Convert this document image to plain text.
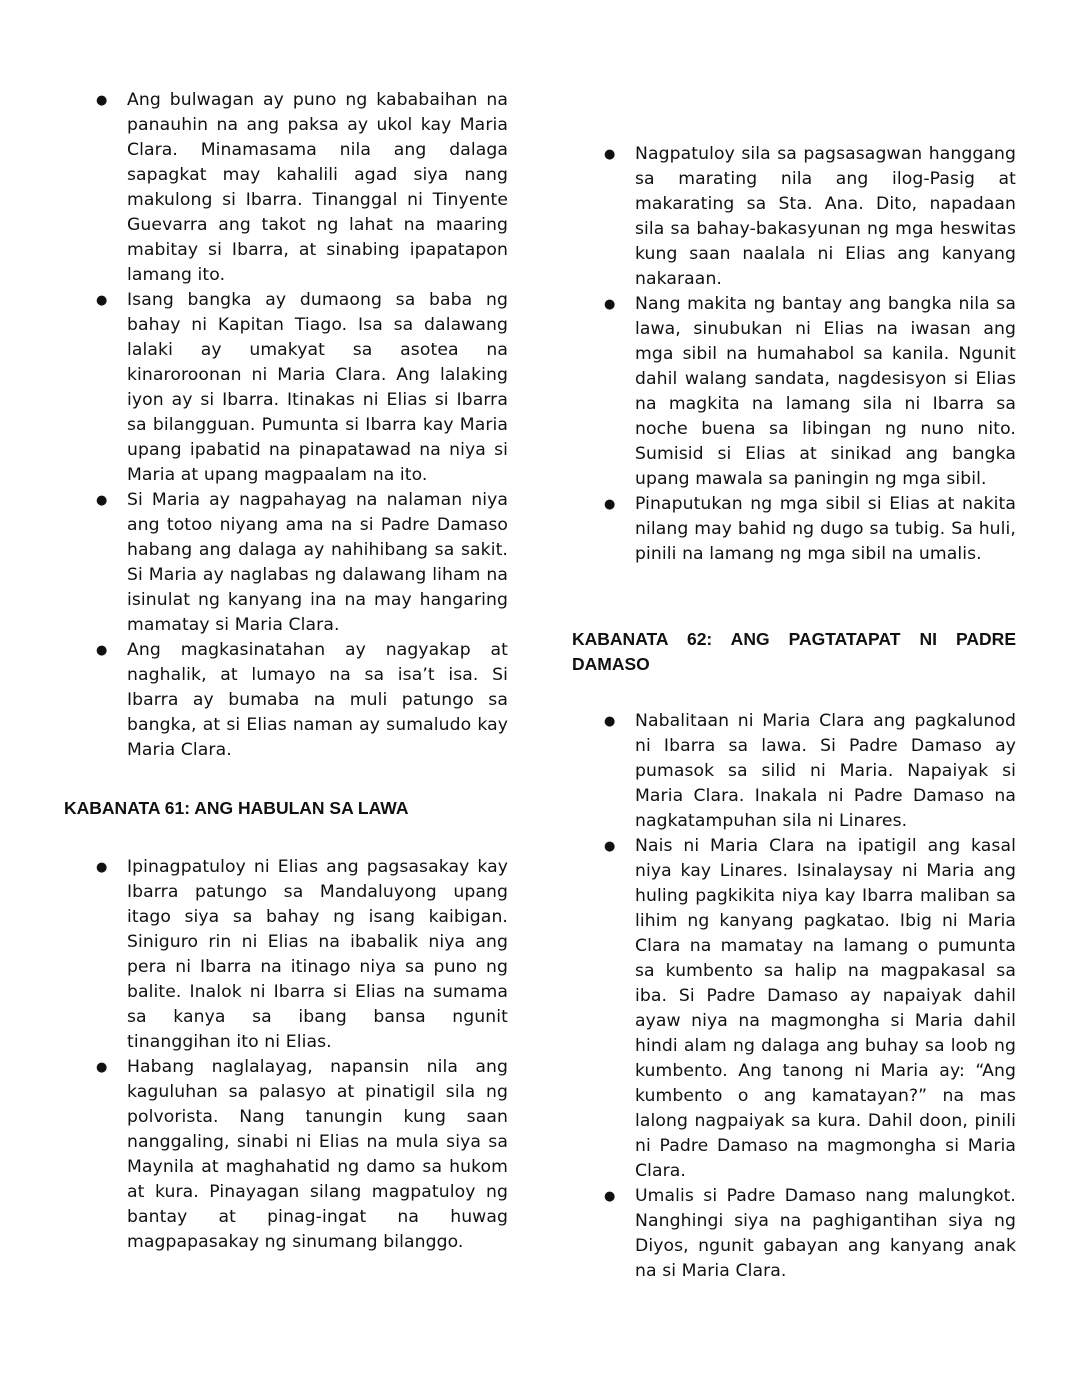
● Ang bulwagan ay puno ng kababaihan na panauhin na ang paksa ay ukol kay Maria Clara. Minamasama nila ang dalaga sapagkat may kahalili agad siya nang makulong si Ibarra. Tinanggal ni Tinyente Guevarra ang takot ng lahat na maaring mabitay si Ibarra, at sinabing ipapatapon lamang ito.
● Isang bangka ay dumaong sa baba ng bahay ni Kapitan Tiago. Isa sa dalawang lalaki ay umakyat sa asotea na kinaroroonan ni Maria Clara. Ang lalaking iyon ay si Ibarra. Itinakas ni Elias si Ibarra sa bilangguan. Pumunta si Ibarra kay Maria upang ipabatid na pinapatawad na niya si Maria at upang magpaalam na ito.
● Si Maria ay nagpahayag na nalaman niya ang totoo niyang ama na si Padre Damaso habang ang dalaga ay nahihibang sa sakit. Si Maria ay naglabas ng dalawang liham na isinulat ng kanyang ina na may hangaring mamatay si Maria Clara.
● Ang magkasinatahan ay nagyakap at naghalik, at lumayo na sa isa’t isa. Si Ibarra ay bumaba na muli patungo sa bangka, at si Elias naman ay sumaludo kay Maria Clara.

KABANATA 61: ANG HABULAN SA LAWA

● Ipinagpatuloy ni Elias ang pagsasakay kay Ibarra patungo sa Mandaluyong upang itago siya sa bahay ng isang kaibigan. Siniguro rin ni Elias na ibabalik niya ang pera ni Ibarra na itinago niya sa puno ng balite. Inalok ni Ibarra si Elias na sumama sa kanya sa ibang bansa ngunit tinanggihan ito ni Elias.
● Habang naglalayag, napansin nila ang kaguluhan sa palasyo at pinatigil sila ng polvorista. Nang tanungin kung saan nanggaling, sinabi ni Elias na mula siya sa Maynila at maghahatid ng damo sa hukom at kura. Pinayagan silang magpatuloy ng bantay at pinag-ingat na huwag magpapasakay ng sinumang bilanggo.
● Nagpatuloy sila sa pagsasagwan hanggang sa marating nila ang ilog-Pasig at makarating sa Sta. Ana. Dito, napadaan sila sa bahay-bakasyunan ng mga heswitas kung saan naalala ni Elias ang kanyang nakaraan.
● Nang makita ng bantay ang bangka nila sa lawa, sinubukan ni Elias na iwasan ang mga sibil na humahabol sa kanila. Ngunit dahil walang sandata, nagdesisyon si Elias na magkita na lamang sila ni Ibarra sa noche buena sa libingan ng nuno nito. Sumisid si Elias at sinikad ang bangka upang mawala sa paningin ng mga sibil.
● Pinaputukan ng mga sibil si Elias at nakita nilang may bahid ng dugo sa tubig. Sa huli, pinili na lamang ng mga sibil na umalis.

KABANATA 62: ANG PAGTATAPAT NI PADRE DAMASO

● Nabalitaan ni Maria Clara ang pagkalunod ni Ibarra sa lawa. Si Padre Damaso ay pumasok sa silid ni Maria. Napaiyak si Maria Clara. Inakala ni Padre Damaso na nagkatampuhan sila ni Linares.
● Nais ni Maria Clara na ipatigil ang kasal niya kay Linares. Isinalaysay ni Maria ang huling pagkikita niya kay Ibarra maliban sa lihim ng kanyang pagkatao. Ibig ni Maria Clara na mamatay na lamang o pumunta sa kumbento sa halip na magpakasal sa iba. Si Padre Damaso ay napaiyak dahil ayaw niya na magmongha si Maria dahil hindi alam ng dalaga ang buhay sa loob ng kumbento. Ang tanong ni Maria ay: “Ang kumbento o ang kamatayan?” na mas lalong nagpaiyak sa kura. Dahil doon, pinili ni Padre Damaso na magmongha si Maria Clara.
● Umalis si Padre Damaso nang malungkot. Nanghingi siya na paghigantihan siya ng Diyos, ngunit gabayan ang kanyang anak na si Maria Clara.
